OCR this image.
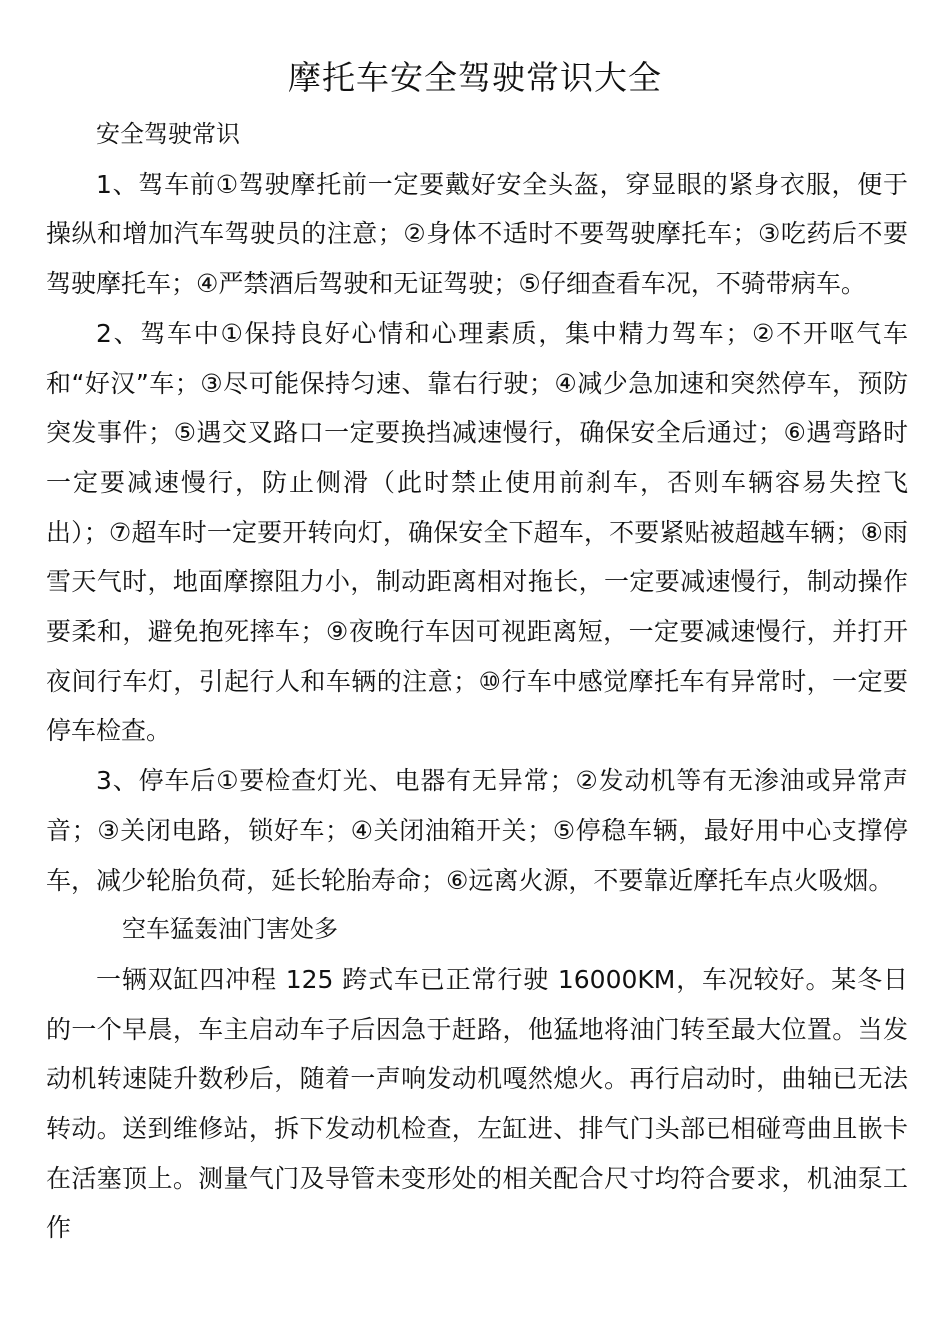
摩托车安全驾驶常识大全

安全驾驶常识

1、驾车前①驾驶摩托前一定要戴好安全头盔，穿显眼的紧身衣服，便于操纵和增加汽车驾驶员的注意；②身体不适时不要驾驶摩托车；③吃药后不要驾驶摩托车；④严禁酒后驾驶和无证驾驶；⑤仔细查看车况，不骑带病车。

2、驾车中①保持良好心情和心理素质，集中精力驾车；②不开呕气车和“好汉”车；③尽可能保持匀速、靠右行驶；④减少急加速和突然停车，预防突发事件；⑤遇交叉路口一定要换挡减速慢行，确保安全后通过；⑥遇弯路时一定要减速慢行，防止侧滑（此时禁止使用前刹车，否则车辆容易失控飞出）；⑦超车时一定要开转向灯，确保安全下超车，不要紧贴被超越车辆；⑧雨雪天气时，地面摩擦阻力小，制动距离相对拖长，一定要减速慢行，制动操作要柔和，避免抱死摔车；⑨夜晚行车因可视距离短，一定要减速慢行，并打开夜间行车灯，引起行人和车辆的注意；⑩行车中感觉摩托车有异常时，一定要停车检查。

3、停车后①要检查灯光、电器有无异常；②发动机等有无渗油或异常声音；③关闭电路，锁好车；④关闭油箱开关；⑤停稳车辆，最好用中心支撑停车，减少轮胎负荷，延长轮胎寿命；⑥远离火源，不要靠近摩托车点火吸烟。

空车猛轰油门害处多

一辆双缸四冲程 125 跨式车已正常行驶 16000KM，车况较好。某冬日的一个早晨，车主启动车子后因急于赶路，他猛地将油门转至最大位置。当发动机转速陡升数秒后，随着一声响发动机嘎然熄火。再行启动时，曲轴已无法转动。送到维修站，拆下发动机检查，左缸进、排气门头部已相碰弯曲且嵌卡在活塞顶上。测量气门及导管未变形处的相关配合尺寸均符合要求，机油泵工作
